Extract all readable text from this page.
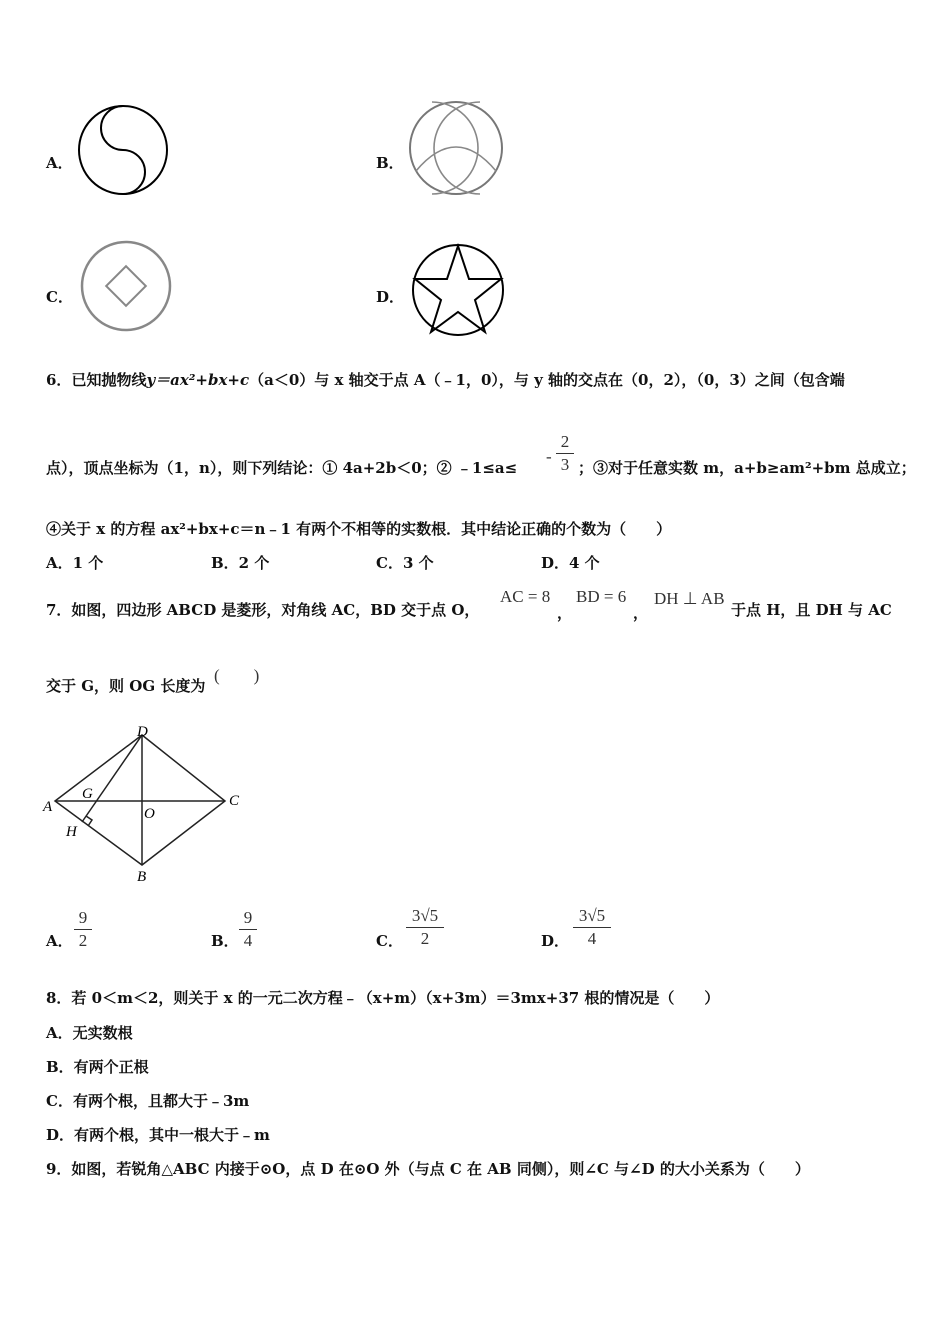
A．	B．
C．	D．
6．已知抛物线y＝ax²+bx+c（a＜0）与 x 轴交于点 A（﹣1，0），与 y 轴的交点在（0，2），（0，3）之间（包含端
点），顶点坐标为（1，n），则下列结论：① 4a+2b＜0；② ﹣1≤a≤
-
2
3 ；③对于任意实数 m，a+b≥am²+bm 总成立；
④关于 x 的方程 ax²+bx+c＝n﹣1 有两个不相等的实数根．其中结论正确的个数为（　　）
A．1 个	B．2 个	C．3 个	D．4 个
7．如图，四边形 ABCD 是菱形，对角线 AC，BD 交于点 O，
AC = 8
，
BD = 6
，
DH ⊥ AB
于点 H，且 DH 与 AC
交于 G，则 OG 长度为
(　　)
D
A
G
O
C
H
B
A．
9
2	B．
9
4	C．
3√5
2	D．
3√5
4
8．若 0＜m＜2，则关于 x 的一元二次方程﹣（x+m）（x+3m）＝3mx+37 根的情况是（　　）
A．无实数根
B．有两个正根
C．有两个根，且都大于﹣3m
D．有两个根，其中一根大于﹣m
9．如图，若锐角△ABC 内接于⊙O，点 D 在⊙O 外（与点 C 在 AB 同侧），则∠C 与∠D 的大小关系为（　　）
